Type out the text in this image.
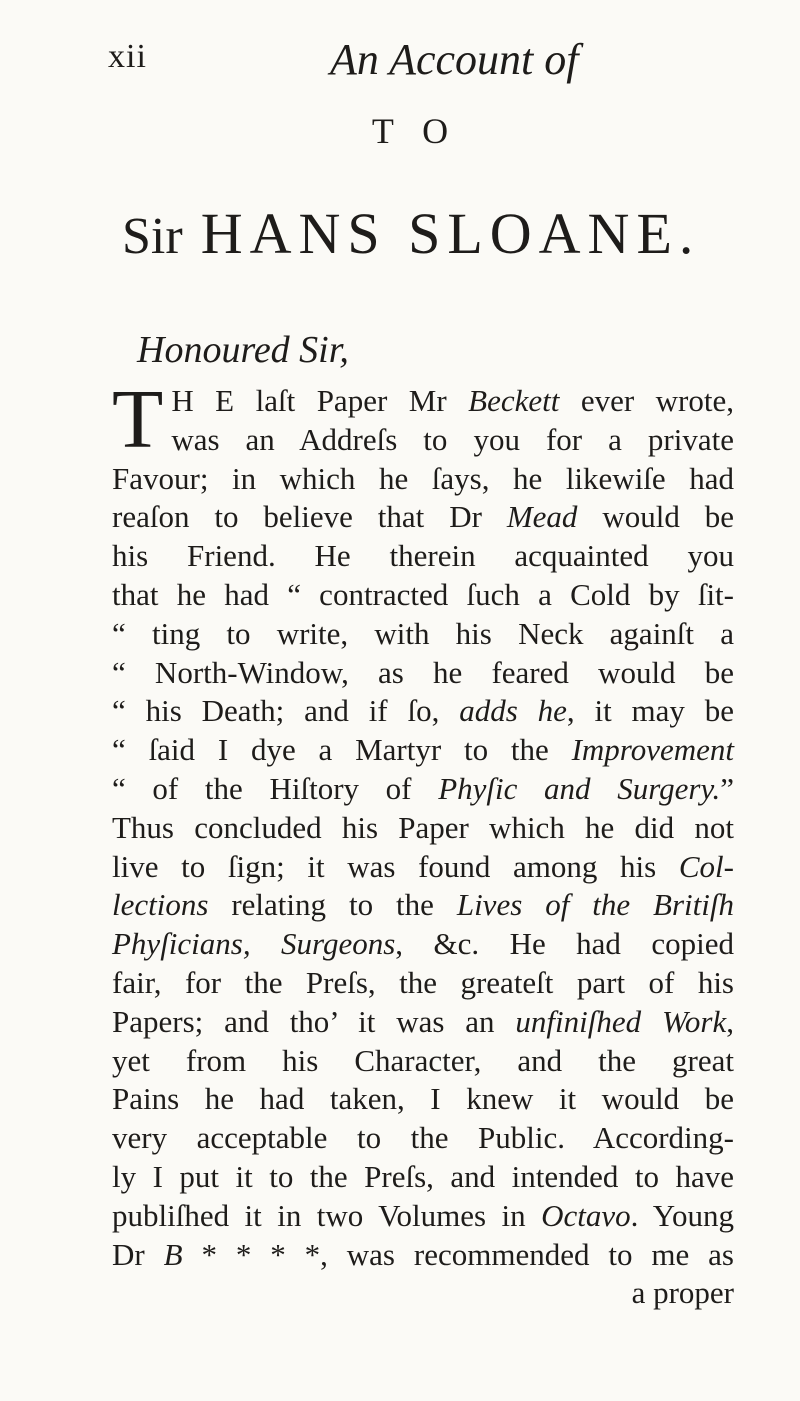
xii	An Account of
T O
Sir HANS SLOANE.
Honoured Sir,
T H E laſt Paper Mr Beckett ever wrote,
was an Addreſs to you for a private
Favour; in which he ſays, he likewiſe had
reaſon to believe that Dr Mead would be
his Friend. He therein acquainted you
that he had “ contracted ſuch a Cold by ſit-
“ ting to write, with his Neck againſt a
“ North-Window, as he feared would be
“ his Death; and if ſo, adds he, it may be
“ ſaid I dye a Martyr to the Improvement
“ of the Hiſtory of Phyſic and Surgery.”
Thus concluded his Paper which he did not
live to ſign; it was found among his Col-
lections relating to the Lives of the Britiſh
Phyſicians, Surgeons, &c. He had copied
fair, for the Preſs, the greateſt part of his
Papers; and tho’ it was an unfiniſhed Work,
yet from his Character, and the great
Pains he had taken, I knew it would be
very acceptable to the Public. According-
ly I put it to the Preſs, and intended to have
publiſhed it in two Volumes in Octavo. Young
Dr B * * * *, was recommended to me as
a proper
